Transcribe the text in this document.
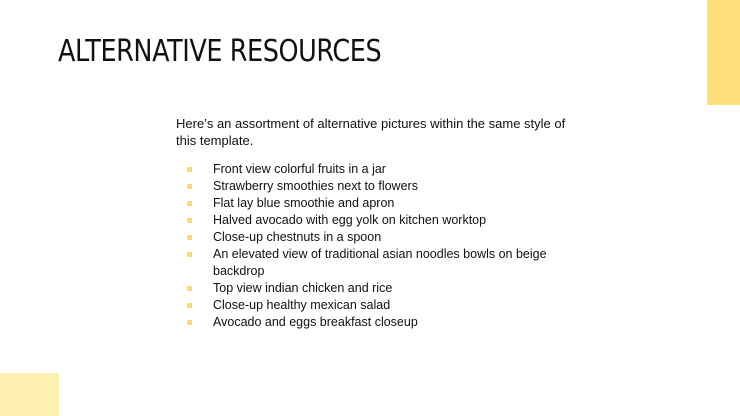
ALTERNATIVE RESOURCES

Here’s an assortment of alternative pictures within the same style of this template.

Front view colorful fruits in a jar
Strawberry smoothies next to flowers
Flat lay blue smoothie and apron
Halved avocado with egg yolk on kitchen worktop
Close-up chestnuts in a spoon
An elevated view of traditional asian noodles bowls on beige backdrop
Top view indian chicken and rice
Close-up healthy mexican salad
Avocado and eggs breakfast closeup
